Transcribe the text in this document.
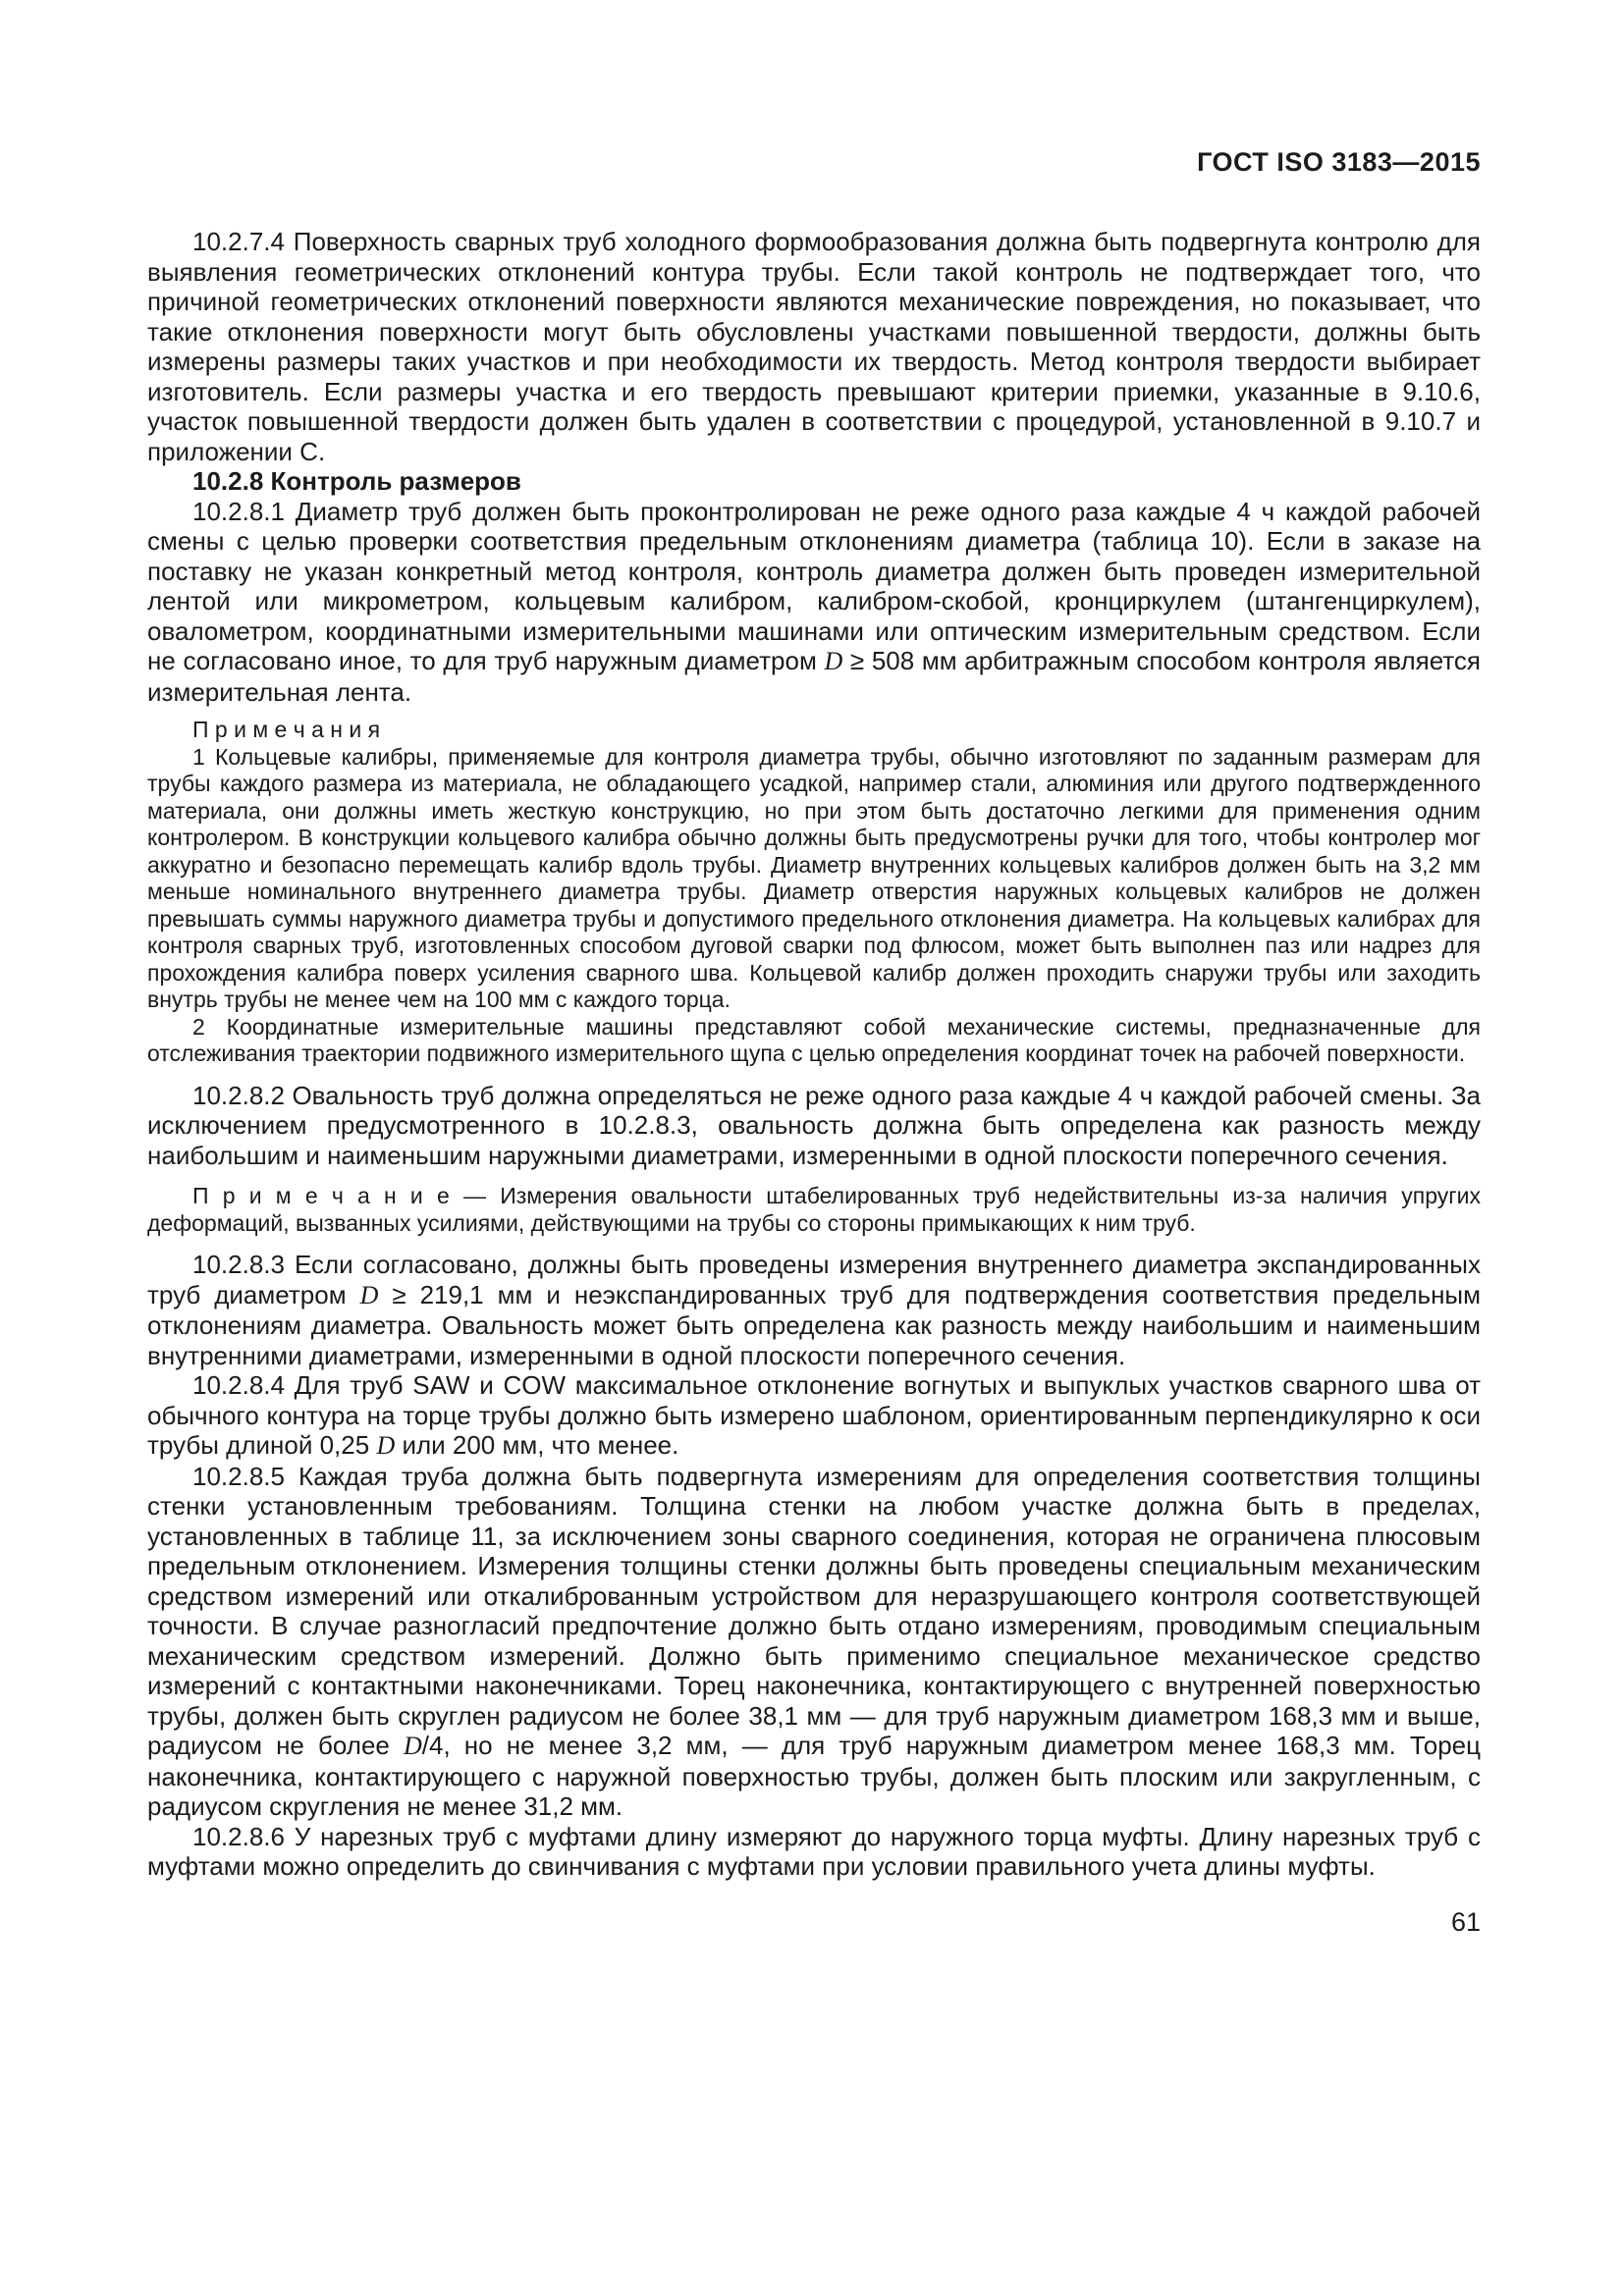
ГОСТ ISO 3183—2015

10.2.7.4 Поверхность сварных труб холодного формообразования должна быть подвергнута контролю для выявления геометрических отклонений контура трубы. Если такой контроль не подтверждает того, что причиной геометрических отклонений поверхности являются механические повреждения, но показывает, что такие отклонения поверхности могут быть обусловлены участками повышенной твердости, должны быть измерены размеры таких участков и при необходимости их твердость. Метод контроля твердости выбирает изготовитель. Если размеры участка и его твердость превышают критерии приемки, указанные в 9.10.6, участок повышенной твердости должен быть удален в соответствии с процедурой, установленной в 9.10.7 и приложении С.

10.2.8 Контроль размеров

10.2.8.1 Диаметр труб должен быть проконтролирован не реже одного раза каждые 4 ч каждой рабочей смены с целью проверки соответствия предельным отклонениям диаметра (таблица 10). Если в заказе на поставку не указан конкретный метод контроля, контроль диаметра должен быть проведен измерительной лентой или микрометром, кольцевым калибром, калибром-скобой, кронциркулем (штангенциркулем), овалометром, координатными измерительными машинами или оптическим измерительным средством. Если не согласовано иное, то для труб наружным диаметром D ≥ 508 мм арбитражным способом контроля является измерительная лента.

П р и м е ч а н и я

1 Кольцевые калибры, применяемые для контроля диаметра трубы, обычно изготовляют по заданным размерам для трубы каждого размера из материала, не обладающего усадкой, например стали, алюминия или другого подтвержденного материала, они должны иметь жесткую конструкцию, но при этом быть достаточно легкими для применения одним контролером. В конструкции кольцевого калибра обычно должны быть предусмотрены ручки для того, чтобы контролер мог аккуратно и безопасно перемещать калибр вдоль трубы. Диаметр внутренних кольцевых калибров должен быть на 3,2 мм меньше номинального внутреннего диаметра трубы. Диаметр отверстия наружных кольцевых калибров не должен превышать суммы наружного диаметра трубы и допустимого предельного отклонения диаметра. На кольцевых калибрах для контроля сварных труб, изготовленных способом дуговой сварки под флюсом, может быть выполнен паз или надрез для прохождения калибра поверх усиления сварного шва. Кольцевой калибр должен проходить снаружи трубы или заходить внутрь трубы не менее чем на 100 мм с каждого торца.

2 Координатные измерительные машины представляют собой механические системы, предназначенные для отслеживания траектории подвижного измерительного щупа с целью определения координат точек на рабочей поверхности.

10.2.8.2 Овальность труб должна определяться не реже одного раза каждые 4 ч каждой рабочей смены. За исключением предусмотренного в 10.2.8.3, овальность должна быть определена как разность между наибольшим и наименьшим наружными диаметрами, измеренными в одной плоскости поперечного сечения.

П р и м е ч а н и е — Измерения овальности штабелированных труб недействительны из-за наличия упругих деформаций, вызванных усилиями, действующими на трубы со стороны примыкающих к ним труб.

10.2.8.3 Если согласовано, должны быть проведены измерения внутреннего диаметра экспандированных труб диаметром D ≥ 219,1 мм и неэкспандированных труб для подтверждения соответствия предельным отклонениям диаметра. Овальность может быть определена как разность между наибольшим и наименьшим внутренними диаметрами, измеренными в одной плоскости поперечного сечения.

10.2.8.4 Для труб SAW и COW максимальное отклонение вогнутых и выпуклых участков сварного шва от обычного контура на торце трубы должно быть измерено шаблоном, ориентированным перпендикулярно к оси трубы длиной 0,25 D или 200 мм, что менее.

10.2.8.5 Каждая труба должна быть подвергнута измерениям для определения соответствия толщины стенки установленным требованиям. Толщина стенки на любом участке должна быть в пределах, установленных в таблице 11, за исключением зоны сварного соединения, которая не ограничена плюсовым предельным отклонением. Измерения толщины стенки должны быть проведены специальным механическим средством измерений или откалиброванным устройством для неразрушающего контроля соответствующей точности. В случае разногласий предпочтение должно быть отдано измерениям, проводимым специальным механическим средством измерений. Должно быть применимо специальное механическое средство измерений с контактными наконечниками. Торец наконечника, контактирующего с внутренней поверхностью трубы, должен быть скруглен радиусом не более 38,1 мм — для труб наружным диаметром 168,3 мм и выше, радиусом не более D/4, но не менее 3,2 мм, — для труб наружным диаметром менее 168,3 мм. Торец наконечника, контактирующего с наружной поверхностью трубы, должен быть плоским или закругленным, с радиусом скругления не менее 31,2 мм.

10.2.8.6 У нарезных труб с муфтами длину измеряют до наружного торца муфты. Длину нарезных труб с муфтами можно определить до свинчивания с муфтами при условии правильного учета длины муфты.

61
